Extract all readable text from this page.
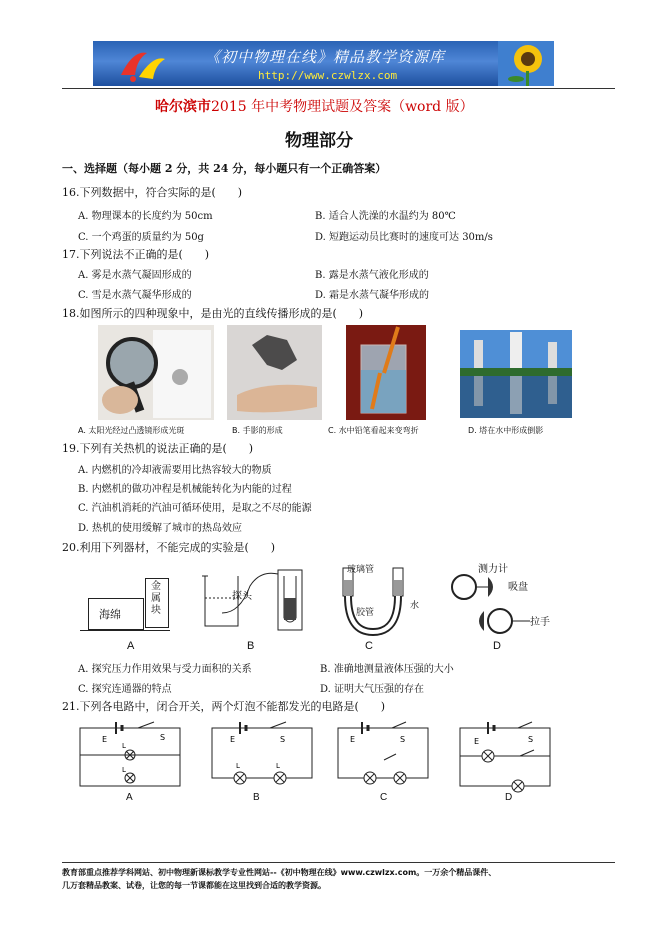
《初中物理在线》精品教学资源库
http://www.czwlzx.com
哈尔滨市2015 年中考物理试题及答案（word 版）
物理部分
一、选择题（每小题 2 分，共 24 分，每小题只有一个正确答案）
16.下列数据中，符合实际的是(　　)
A. 物理课本的长度约为 50cm	B. 适合人洗澡的水温约为 80℃
C. 一个鸡蛋的质量约为 50g	D. 短跑运动员比赛时的速度可达 30m/s
17.下列说法不正确的是(　　)
A. 雾是水蒸气凝固形成的	B. 露是水蒸气液化形成的
C. 雪是水蒸气凝华形成的	D. 霜是水蒸气凝华形成的
18.如图所示的四种现象中，是由光的直线传播形成的是(　　)
A. 太阳光经过凸透镜形成光斑	B. 手影的形成	C. 水中铅笔看起来变弯折	D. 塔在水中形成倒影
19.下列有关热机的说法正确的是(　　)
A. 内燃机的冷却液需要用比热容较大的物质
B. 内燃机的做功冲程是机械能转化为内能的过程
C. 汽油机消耗的汽油可循环使用，是取之不尽的能源
D. 热机的使用缓解了城市的热岛效应
20.利用下列器材，不能完成的实验是(　　)
海绵
金属块
A
探头
B
玻璃管
胶管
水
C
测力计
吸盘
拉手
D
A. 探究压力作用效果与受力面积的关系	B. 准确地测量液体压强的大小
C. 探究连通器的特点	D. 证明大气压强的存在
21.下列各电路中，闭合开关，两个灯泡不能都发光的电路是(　　)
E	S
L
L
A
E	S
L	L
B
E	S
C
E	S
D
教育部重点推荐学科网站、初中物理新课标教学专业性网站--《初中物理在线》www.czwlzx.com。一万余个精品课件、
几万套精品教案、试卷，让您的每一节课都能在这里找到合适的教学资源。
